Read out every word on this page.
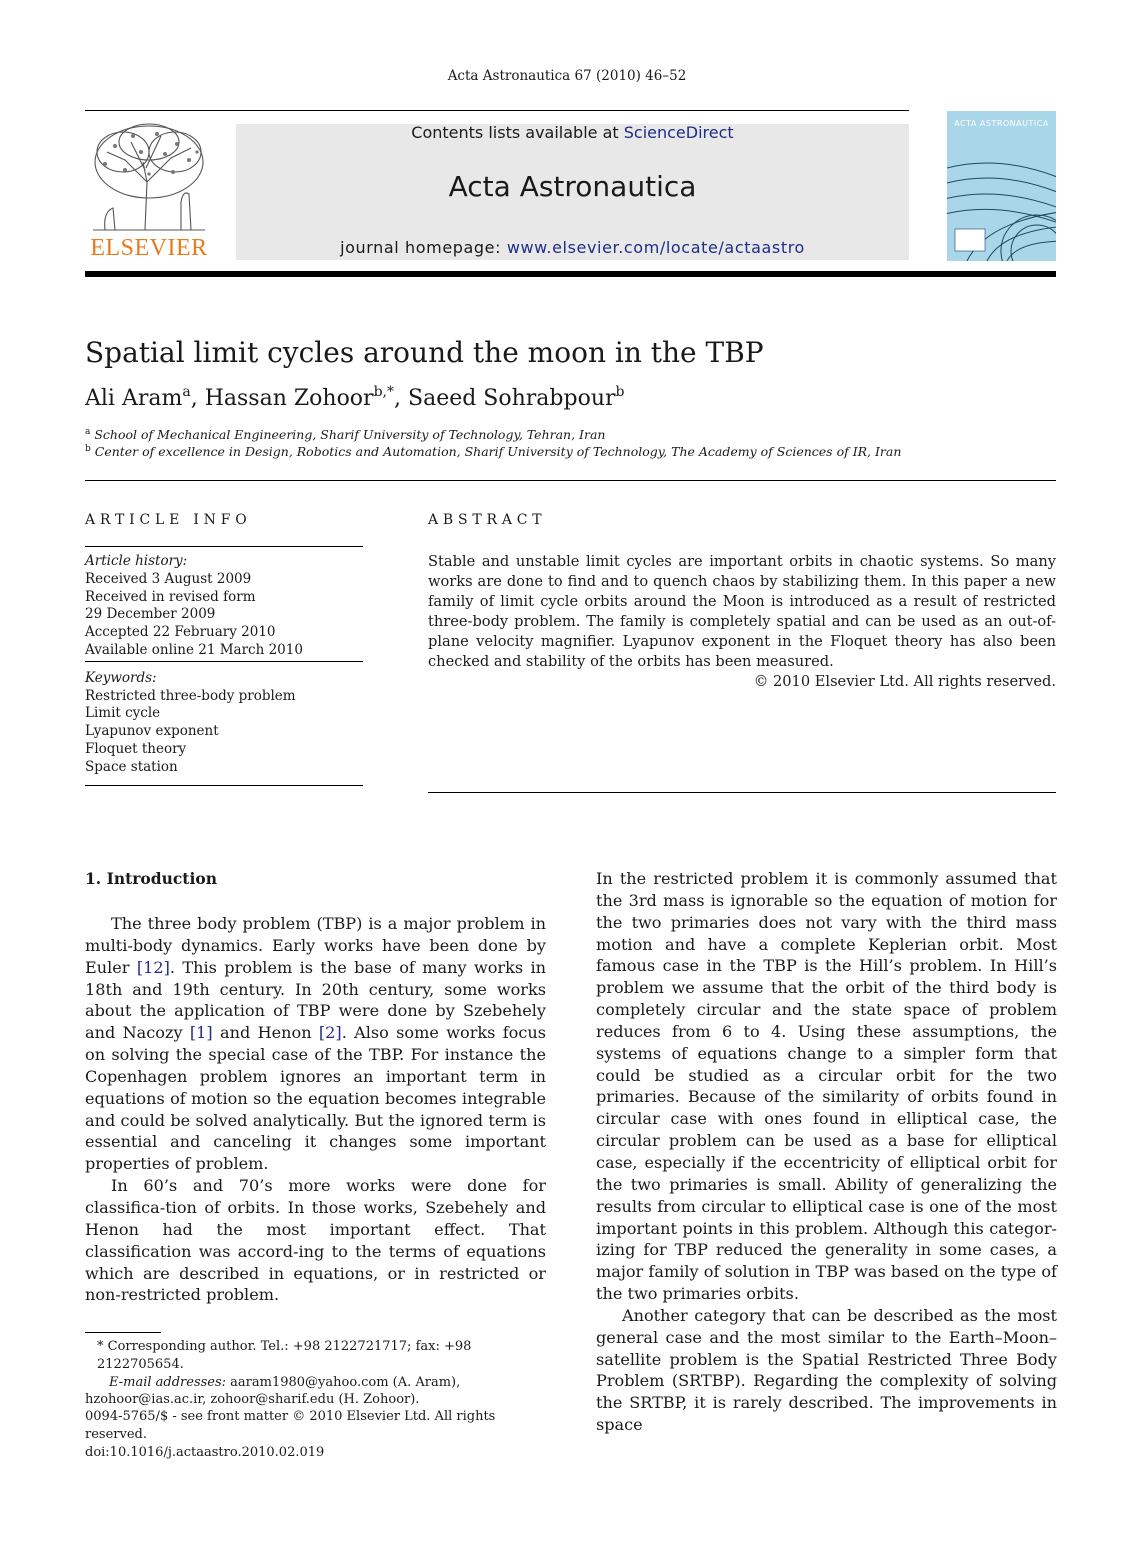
Acta Astronautica 67 (2010) 46–52
ELSEVIER
Contents lists available at ScienceDirect
Acta Astronautica
journal homepage: www.elsevier.com/locate/actaastro
ACTA ASTRONAUTICA
Spatial limit cycles around the moon in the TBP
Ali Aram$^a$, Hassan Zohoor$^{b,*}$, Saeed Sohrabpour$^b$
$^a$ School of Mechanical Engineering, Sharif University of Technology, Tehran, Iran
$^b$ Center of excellence in Design, Robotics and Automation, Sharif University of Technology, The Academy of Sciences of IR, Iran
ARTICLE INFO	ABSTRACT
Article history:
Received 3 August 2009
Received in revised form
29 December 2009
Accepted 22 February 2010
Available online 21 March 2010
Keywords:
Restricted three-body problem
Limit cycle
Lyapunov exponent
Floquet theory
Space station
Stable and unstable limit cycles are important orbits in chaotic systems. So many works are done to find and to quench chaos by stabilizing them. In this paper a new family of limit cycle orbits around the Moon is introduced as a result of restricted three-body problem. The family is completely spatial and can be used as an out-of-plane velocity magnifier. Lyapunov exponent in the Floquet theory has also been checked and stability of the orbits has been measured.
© 2010 Elsevier Ltd. All rights reserved.
1. Introduction

The three body problem (TBP) is a major problem in multi-body dynamics. Early works have been done by Euler [12]. This problem is the base of many works in 18th and 19th century. In 20th century, some works about the application of TBP were done by Szebehely and Nacozy [1] and Henon [2]. Also some works focus on solving the special case of the TBP. For instance the Copenhagen problem ignores an important term in equations of motion so the equation becomes integrable and could be solved analytically. But the ignored term is essential and canceling it changes some important properties of problem.

In 60’s and 70’s more works were done for classifica-tion of orbits. In those works, Szebehely and Henon had the most important effect. That classification was accord-ing to the terms of equations which are described in equations, or in restricted or non-restricted problem.

In the restricted problem it is commonly assumed that the 3rd mass is ignorable so the equation of motion for the two primaries does not vary with the third mass motion and have a complete Keplerian orbit. Most famous case in the TBP is the Hill’s problem. In Hill’s problem we assume that the orbit of the third body is completely circular and the state space of problem reduces from 6 to 4. Using these assumptions, the systems of equations change to a simpler form that could be studied as a circular orbit for the two primaries. Because of the similarity of orbits found in circular case with ones found in elliptical case, the circular problem can be used as a base for elliptical case, especially if the eccentricity of elliptical orbit for the two primaries is small. Ability of generalizing the results from circular to elliptical case is one of the most important points in this problem. Although this categor-izing for TBP reduced the generality in some cases, a major family of solution in TBP was based on the type of the two primaries orbits.

Another category that can be described as the most general case and the most similar to the Earth–Moon–satellite problem is the Spatial Restricted Three Body Problem (SRTBP). Regarding the complexity of solving the SRTBP, it is rarely described. The improvements in space

* Corresponding author. Tel.: +98 2122721717; fax: +98 2122705654.
E-mail addresses: aaram1980@yahoo.com (A. Aram),
hzohoor@ias.ac.ir, zohoor@sharif.edu (H. Zohoor).
0094-5765/$ - see front matter © 2010 Elsevier Ltd. All rights reserved.
doi:10.1016/j.actaastro.2010.02.019
